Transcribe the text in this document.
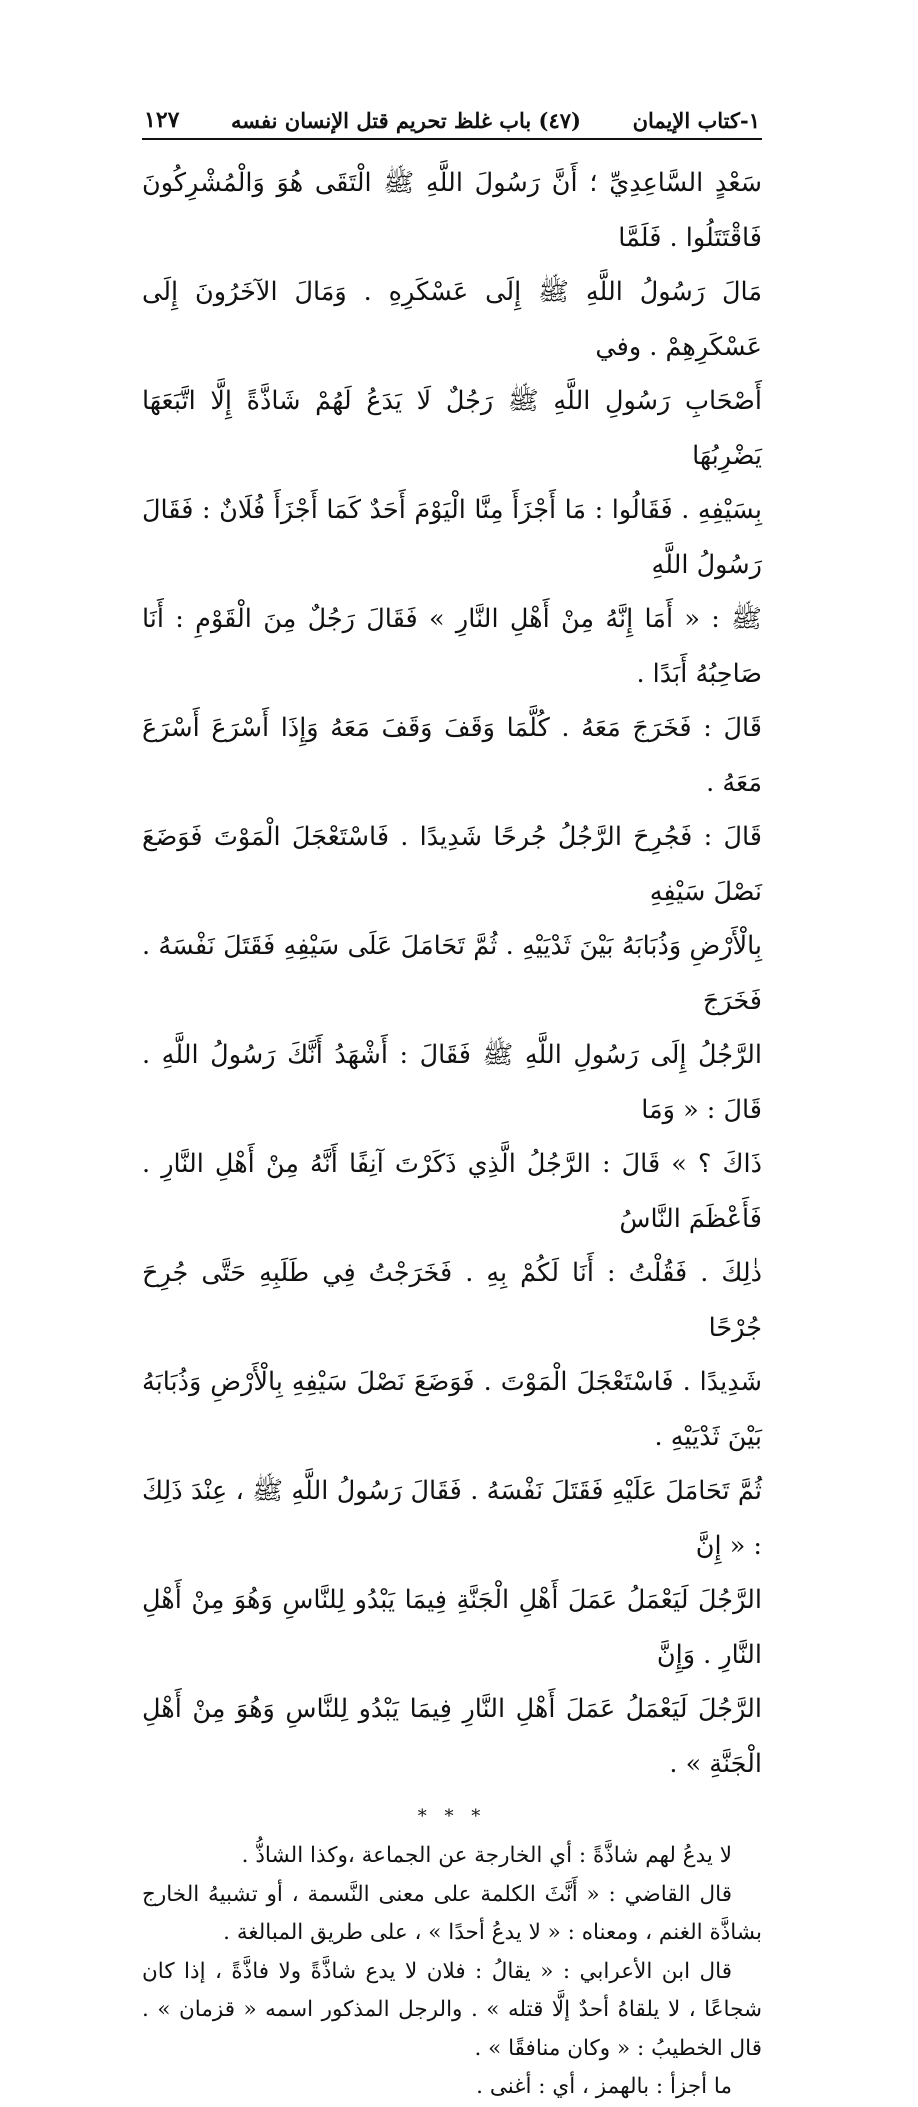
١-كتاب الإيمان
(٤٧) باب غلظ تحريم قتل الإنسان نفسه
١٢٧

سَعْدٍ السَّاعِدِيِّ ؛ أَنَّ رَسُولَ اللَّهِ ﷺ الْتَقَى هُوَ وَالْمُشْرِكُونَ فَاقْتَتَلُوا . فَلَمَّا

مَالَ رَسُولُ اللَّهِ ﷺ إِلَى عَسْكَرِهِ . وَمَالَ الآخَرُونَ إِلَى عَسْكَرِهِمْ . وفي

أَصْحَابِ رَسُولِ اللَّهِ ﷺ رَجُلٌ لَا يَدَعُ لَهُمْ شَاذَّةً إِلَّا اتَّبَعَهَا يَضْرِبُهَا

بِسَيْفِهِ . فَقَالُوا : مَا أَجْزَأَ مِنَّا الْيَوْمَ أَحَدٌ كَمَا أَجْزَأَ فُلَانٌ : فَقَالَ رَسُولُ اللَّهِ

ﷺ : « أَمَا إِنَّهُ مِنْ أَهْلِ النَّارِ » فَقَالَ رَجُلٌ مِنَ الْقَوْمِ : أَنَا صَاحِبُهُ أَبَدًا .

قَالَ : فَخَرَجَ مَعَهُ . كُلَّمَا وَقَفَ وَقَفَ مَعَهُ وَإِذَا أَسْرَعَ أَسْرَعَ مَعَهُ .

قَالَ : فَجُرِحَ الرَّجُلُ جُرحًا شَدِيدًا . فَاسْتَعْجَلَ الْمَوْتَ فَوَضَعَ نَصْلَ سَيْفِهِ

بِالْأَرْضِ وَذُبَابَهُ بَيْنَ ثَدْيَيْهِ . ثُمَّ تَحَامَلَ عَلَى سَيْفِهِ فَقَتَلَ نَفْسَهُ . فَخَرَجَ

الرَّجُلُ إِلَى رَسُولِ اللَّهِ ﷺ فَقَالَ : أَشْهَدُ أَنَّكَ رَسُولُ اللَّهِ . قَالَ : « وَمَا

ذَاكَ ؟ » قَالَ : الرَّجُلُ الَّذِي ذَكَرْتَ آنِفًا أَنَّهُ مِنْ أَهْلِ النَّارِ . فَأَعْظَمَ النَّاسُ

ذٰلِكَ . فَقُلْتُ : أَنَا لَكُمْ بِهِ . فَخَرَجْتُ فِي طَلَبِهِ حَتَّى جُرِحَ جُرْحًا

شَدِيدًا . فَاسْتَعْجَلَ الْمَوْتَ . فَوَضَعَ نَصْلَ سَيْفِهِ بِالْأَرْضِ وَذُبَابَهُ بَيْنَ ثَدْيَيْهِ .

ثُمَّ تَحَامَلَ عَلَيْهِ فَقَتَلَ نَفْسَهُ . فَقَالَ رَسُولُ اللَّهِ ﷺ ، عِنْدَ ذَلِكَ : « إِنَّ

الرَّجُلَ لَيَعْمَلُ عَمَلَ أَهْلِ الْجَنَّةِ فِيمَا يَبْدُو لِلنَّاسِ وَهُوَ مِنْ أَهْلِ النَّارِ . وَإِنَّ

الرَّجُلَ لَيَعْمَلُ عَمَلَ أَهْلِ النَّارِ فِيمَا يَبْدُو لِلنَّاسِ وَهُوَ مِنْ أَهْلِ الْجَنَّةِ » .

* * *

لا يدعُ لهم شاذَّةً : أي الخارجة عن الجماعة ،وكذا الشاذُّ .

قال القاضي : « أَنَّثَ الكلمة على معنى النَّسمة ، أو تشبيهُ الخارج بشاذَّة الغنم ، ومعناه : « لا يدعُ أحدًا » ، على طريق المبالغة .

قال ابن الأعرابي : « يقالُ : فلان لا يدع شاذَّةً ولا فاذَّةً ، إذا كان شجاعًا ، لا يلقاهُ أحدٌ إلَّا قتله » . والرجل المذكور اسمه « قزمان » . قال الخطيبُ : « وكان منافقًا » .

ما أجزأ : بالهمز ، أي : أغنى .
